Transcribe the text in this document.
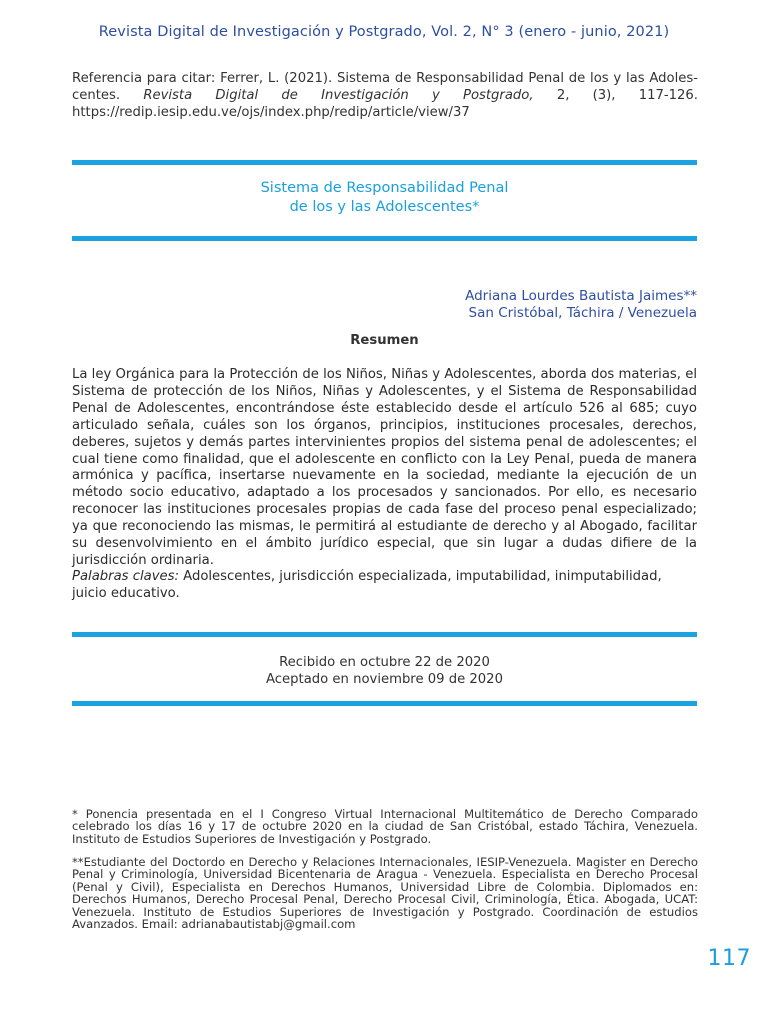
Revista Digital de Investigación y Postgrado, Vol. 2, N° 3 (enero - junio, 2021)
Referencia para citar: Ferrer, L. (2021). Sistema de Responsabilidad Penal de los y las Adoles-centes. Revista Digital de Investigación y Postgrado, 2, (3), 117-126. https://redip.iesip.edu.ve/ojs/index.php/redip/article/view/37
Sistema de Responsabilidad Penal
de los y las Adolescentes*
Adriana Lourdes Bautista Jaimes**
San Cristóbal, Táchira / Venezuela
Resumen
La ley Orgánica para la Protección de los Niños, Niñas y Adolescentes, aborda dos materias, el Sistema de protección de los Niños, Niñas y Adolescentes, y el Sistema de Responsabilidad Penal de Adolescentes, encontrándose éste establecido desde el artículo 526 al 685; cuyo articulado señala, cuáles son los órganos, principios, instituciones procesales, derechos, deberes, sujetos y demás partes intervinientes propios del sistema penal de adolescentes; el cual tiene como finalidad, que el adolescente en conflicto con la Ley Penal, pueda de manera armónica y pacífica, insertarse nuevamente en la sociedad, mediante la ejecución de un método socio educativo, adaptado a los procesados y sancionados. Por ello, es necesario reconocer las instituciones procesales propias de cada fase del proceso penal especializado; ya que reconociendo las mismas, le permitirá al estudiante de derecho y al Abogado, facilitar su desenvolvimiento en el ámbito jurídico especial, que sin lugar a dudas difiere de la jurisdicción ordinaria.
Palabras claves: Adolescentes, jurisdicción especializada, imputabilidad, inimputabilidad, juicio educativo.
Recibido en octubre 22 de 2020
Aceptado en noviembre 09 de 2020
* Ponencia presentada en el I Congreso Virtual Internacional Multitemático de Derecho Comparado celebrado los días 16 y 17 de octubre 2020 en la ciudad de San Cristóbal, estado Táchira, Venezuela. Instituto de Estudios Superiores de Investigación y Postgrado.
**Estudiante del Doctordo en Derecho y Relaciones Internacionales, IESIP-Venezuela. Magister en Derecho Penal y Criminología, Universidad Bicentenaria de Aragua - Venezuela. Especialista en Derecho Procesal (Penal y Civil), Especialista en Derechos Humanos, Universidad Libre de Colombia. Diplomados en: Derechos Humanos, Derecho Procesal Penal, Derecho Procesal Civil, Criminología, Ética. Abogada, UCAT: Venezuela. Instituto de Estudios Superiores de Investigación y Postgrado. Coordinación de estudios Avanzados. Email: adrianabautistabj@gmail.com
117
